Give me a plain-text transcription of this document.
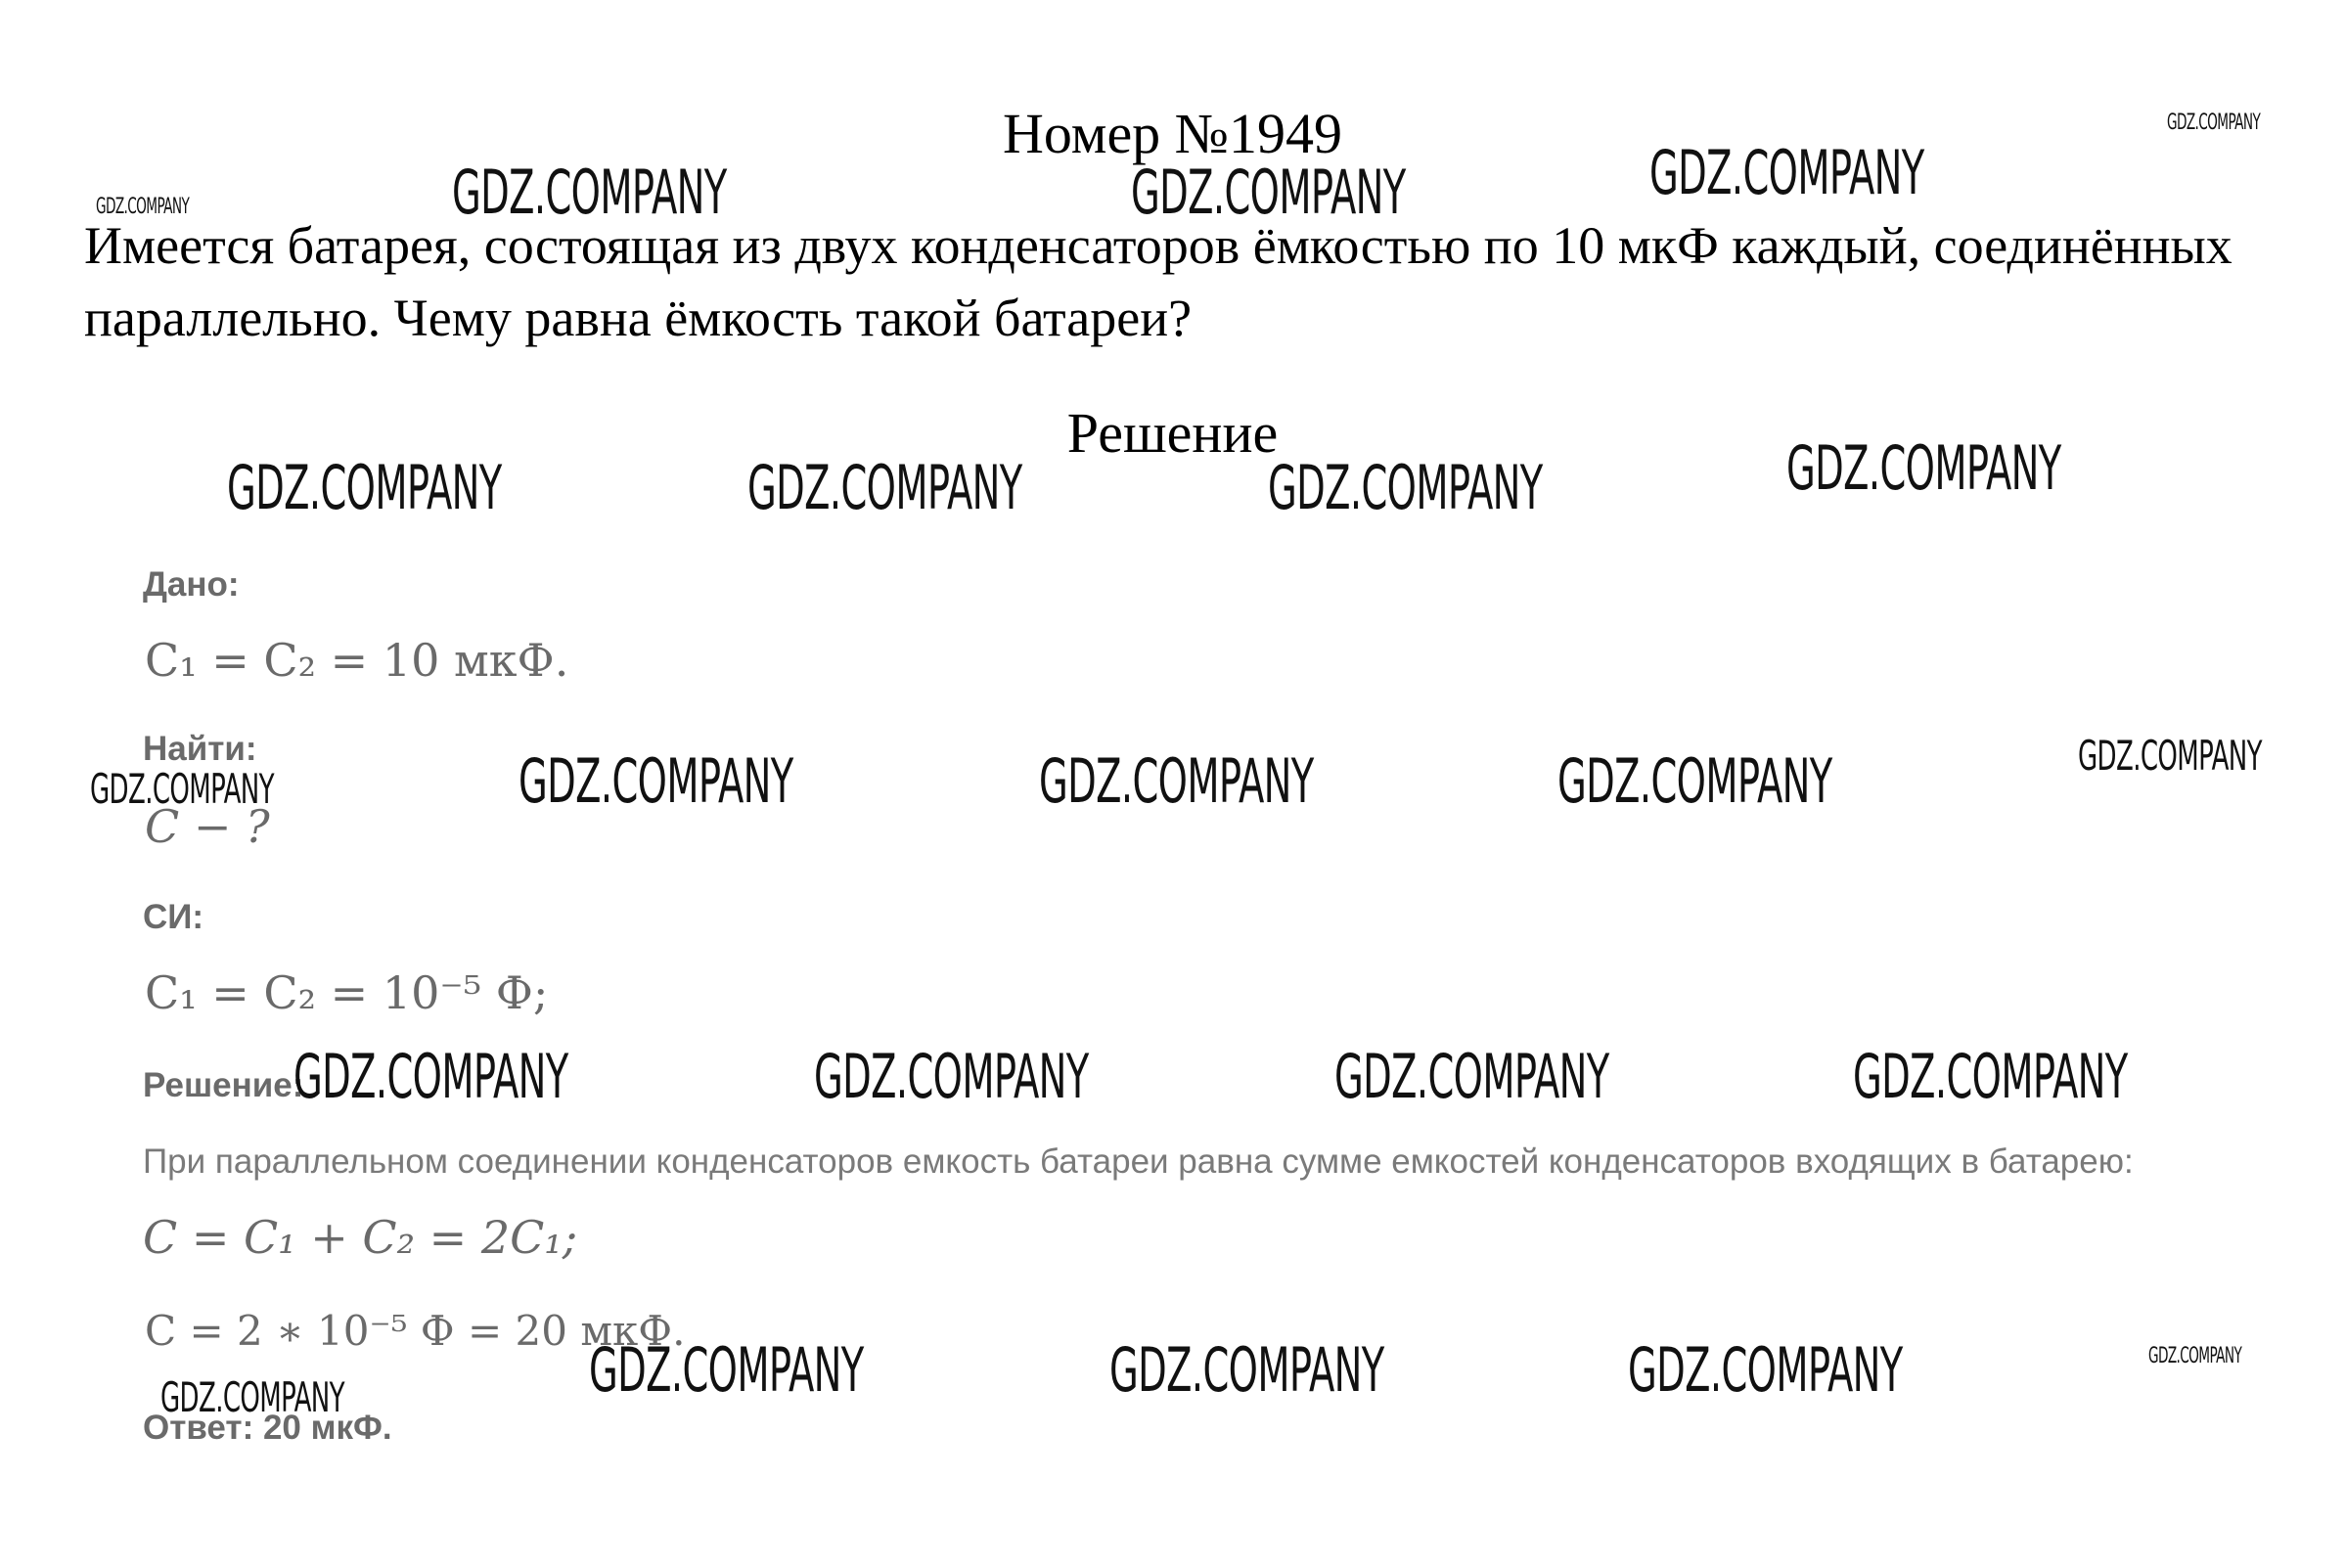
Номер №1949
Имеется батарея, состоящая из двух конденсаторов ёмкостью по 10 мкФ каждый, соединённых параллельно. Чему равна ёмкость такой батареи?
Решение
Дано:
C₁ = C₂ = 10 мкФ.
Найти:
C − ?
СИ:
C₁ = C₂ = 10⁻⁵ Ф;
Решение:
При параллельном соединении конденсаторов емкость батареи равна сумме емкостей конденсаторов входящих в батарею:
C = C₁ + C₂ = 2C₁;
C = 2 ∗ 10⁻⁵ Ф = 20 мкФ.
Ответ: 20 мкФ.
GDZ.COMPANY
GDZ.COMPANY	GDZ.COMPANY	GDZ.COMPANY	GDZ.COMPANY
GDZ.COMPANY	GDZ.COMPANY	GDZ.COMPANY	GDZ.COMPANY
GDZ.COMPANY	GDZ.COMPANY	GDZ.COMPANY	GDZ.COMPANY	GDZ.COMPANY
GDZ.COMPANY	GDZ.COMPANY	GDZ.COMPANY	GDZ.COMPANY
GDZ.COMPANY	GDZ.COMPANY	GDZ.COMPANY	GDZ.COMPANY	GDZ.COMPANY
